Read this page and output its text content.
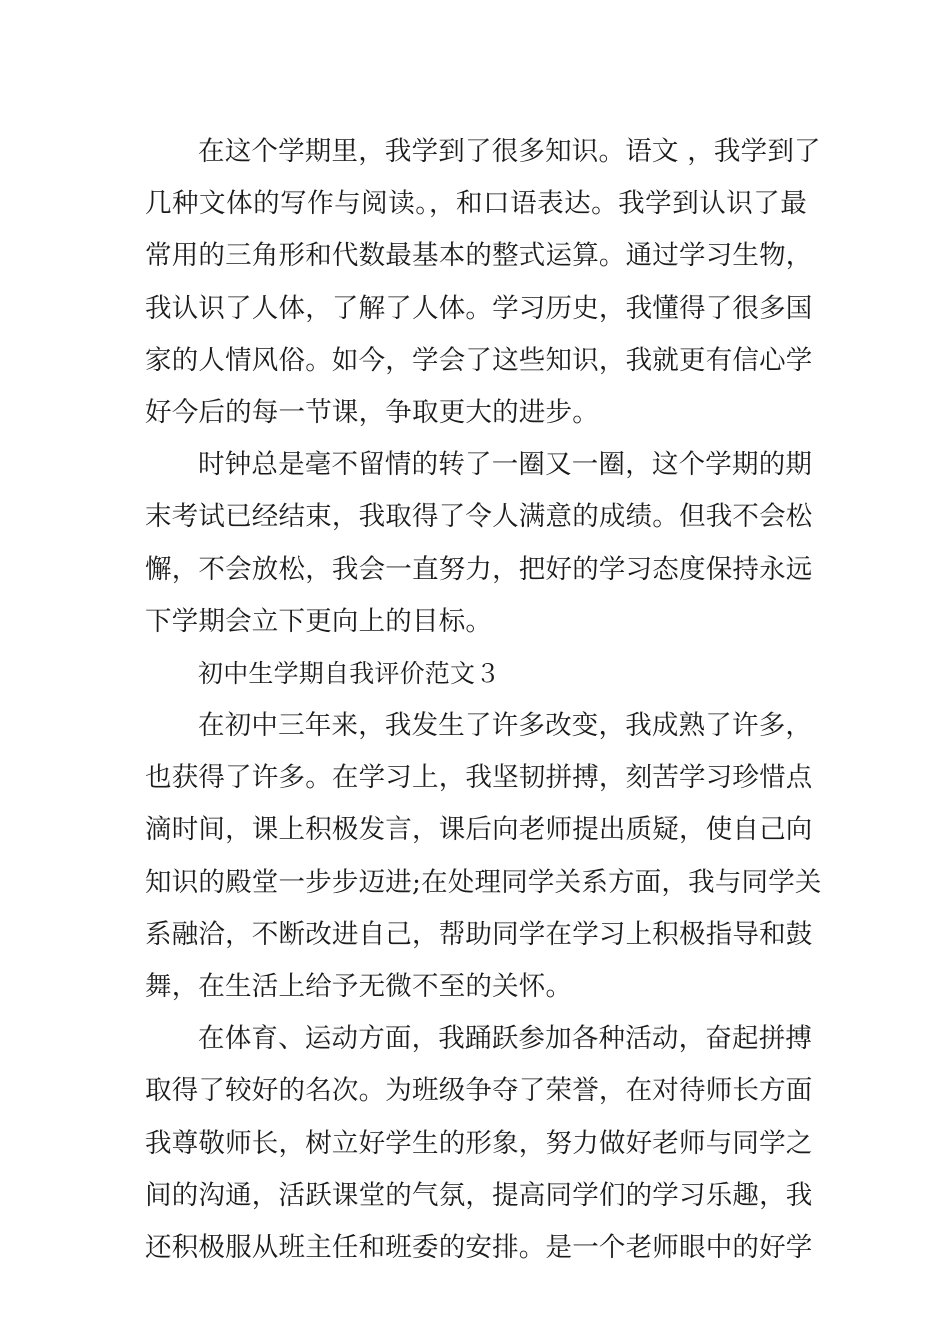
在这个学期里，我学到了很多知识。语文 ，我学到了
几种文体的写作与阅读。，和口语表达。我学到认识了最
常用的三角形和代数最基本的整式运算。通过学习生物，
我认识了人体，了解了人体。学习历史，我懂得了很多国
家的人情风俗。如今，学会了这些知识，我就更有信心学
好今后的每一节课，争取更大的进步。
时钟总是毫不留情的转了一圈又一圈，这个学期的期
末考试已经结束，我取得了令人满意的成绩。但我不会松
懈，不会放松，我会一直努力，把好的学习态度保持永远
下学期会立下更向上的目标。
初中生学期自我评价范文３
在初中三年来，我发生了许多改变，我成熟了许多，
也获得了许多。在学习上，我坚韧拼搏，刻苦学习珍惜点
滴时间，课上积极发言，课后向老师提出质疑，使自己向
知识的殿堂一步步迈进;在处理同学关系方面，我与同学关
系融洽，不断改进自己，帮助同学在学习上积极指导和鼓
舞，在生活上给予无微不至的关怀。
在体育、运动方面，我踊跃参加各种活动，奋起拼搏
取得了较好的名次。为班级争夺了荣誉，在对待师长方面
我尊敬师长，树立好学生的形象，努力做好老师与同学之
间的沟通，活跃课堂的气氛，提高同学们的学习乐趣，我
还积极服从班主任和班委的安排。是一个老师眼中的好学
